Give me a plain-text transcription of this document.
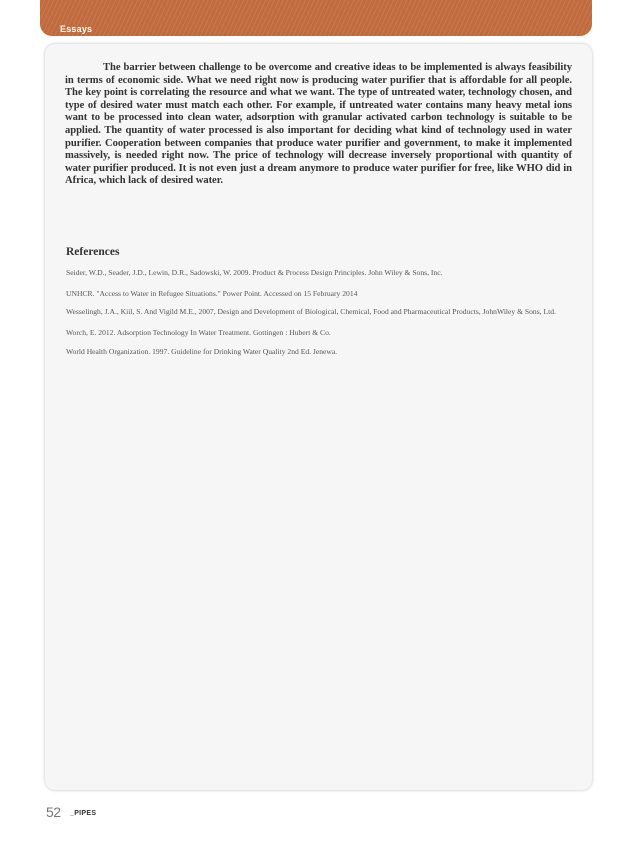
Essays

The barrier between challenge to be overcome and creative ideas to be implemented is always feasibility in terms of economic side. What we need right now is producing water purifier that is affordable for all people. The key point is correlating the resource and what we want. The type of untreated water, technology chosen, and type of desired water must match each other. For example, if untreated water contains many heavy metal ions want to be processed into clean water, adsorption with granular activated carbon technology is suitable to be applied. The quantity of water processed is also important for deciding what kind of technology used in water purifier. Cooperation between companies that produce water purifier and government, to make it implemented massively, is needed right now. The price of technology will decrease inversely proportional with quantity of water purifier produced. It is not even just a dream anymore to produce water purifier for free, like WHO did in Africa, which lack of desired water.

References
Seider, W.D., Seader, J.D., Lewin, D.R., Sadowski, W. 2009. Product & Process Design Principles. John Wiley & Sons, Inc.
UNHCR. "Access to Water in Refugee Situations." Power Point. Accessed on 15 February 2014
Wesselingh, J.A., Kiil, S. And Vigild M.E., 2007, Design and Development of Biological, Chemical, Food and Pharmaceutical Products, JohnWiley & Sons, Ltd.
Worch, E. 2012. Adsorption Technology In Water Treatment. Gottingen : Hubert & Co.
World Health Organization. 1997. Guideline for Drinking Water Quality 2nd Ed. Jenewa.
52 _PIPES
